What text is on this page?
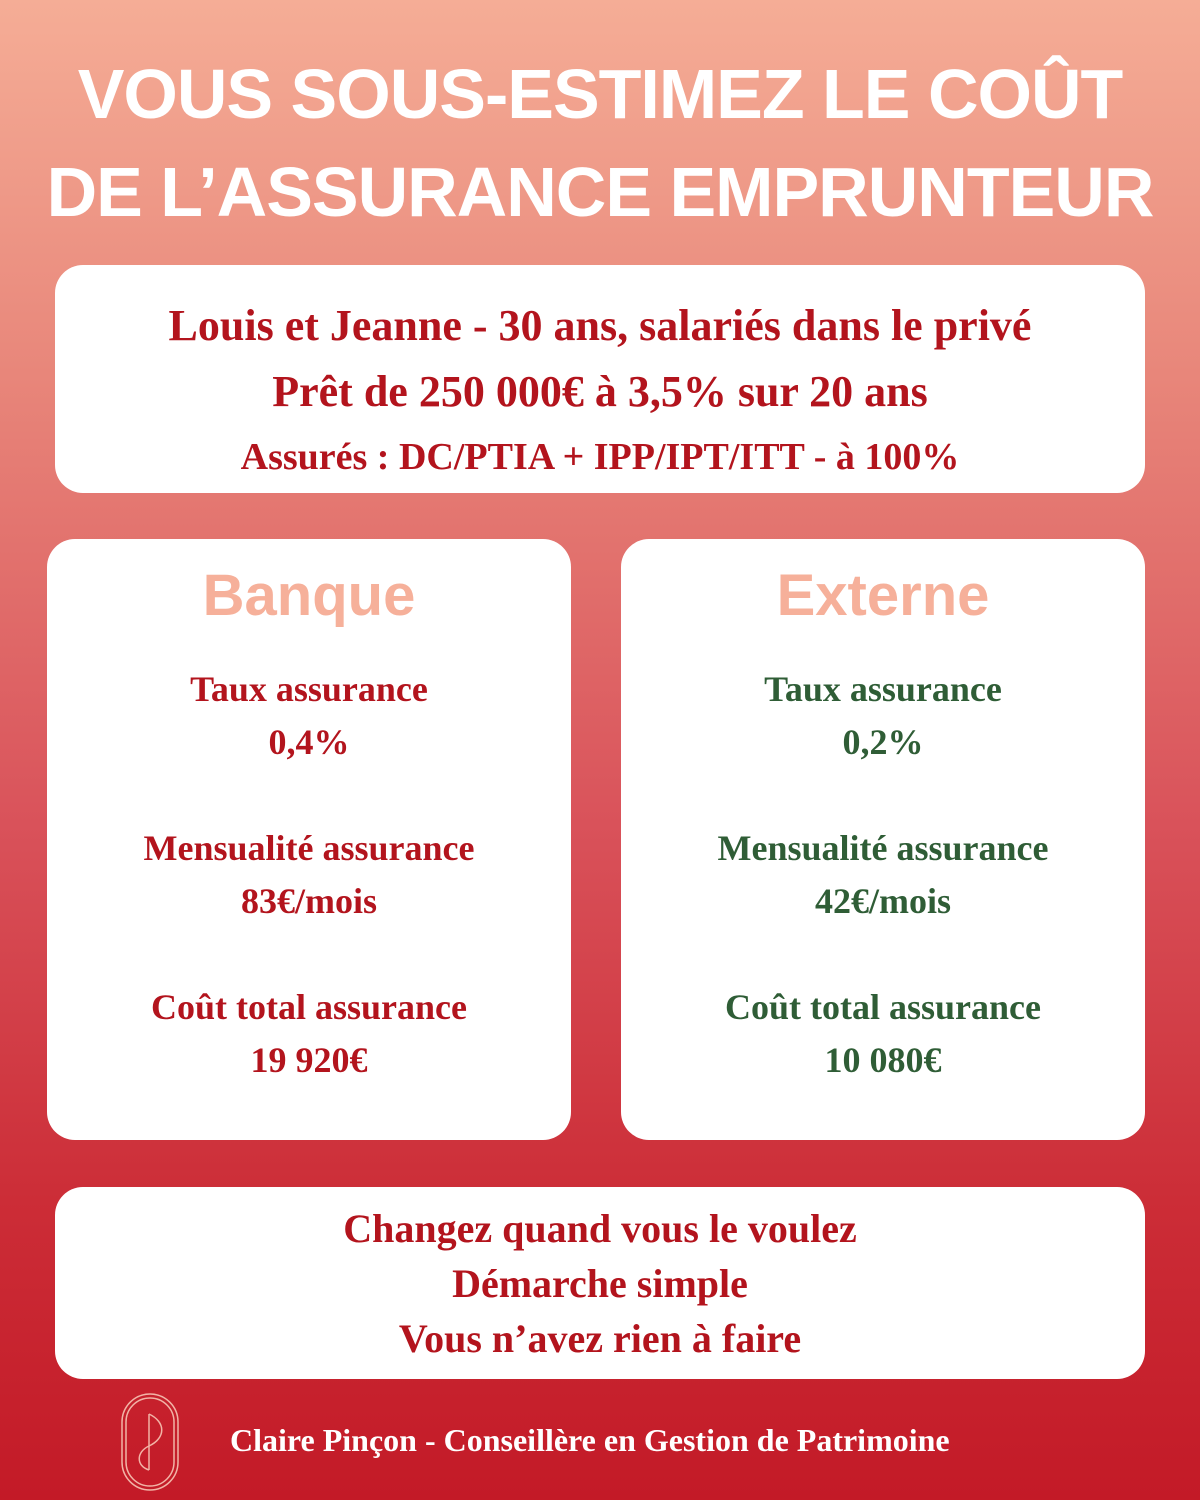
VOUS SOUS-ESTIMEZ LE COÛT
DE L’ASSURANCE EMPRUNTEUR
Louis et Jeanne - 30 ans, salariés dans le privé
Prêt de 250 000€ à 3,5% sur 20 ans
Assurés : DC/PTIA + IPP/IPT/ITT - à 100%
Banque
Taux assurance
0,4%
Mensualité assurance
83€/mois
Coût total assurance
19 920€
Externe
Taux assurance
0,2%
Mensualité assurance
42€/mois
Coût total assurance
10 080€
Changez quand vous le voulez
Démarche simple
Vous n’avez rien à faire
Claire Pinçon - Conseillère en Gestion de Patrimoine
